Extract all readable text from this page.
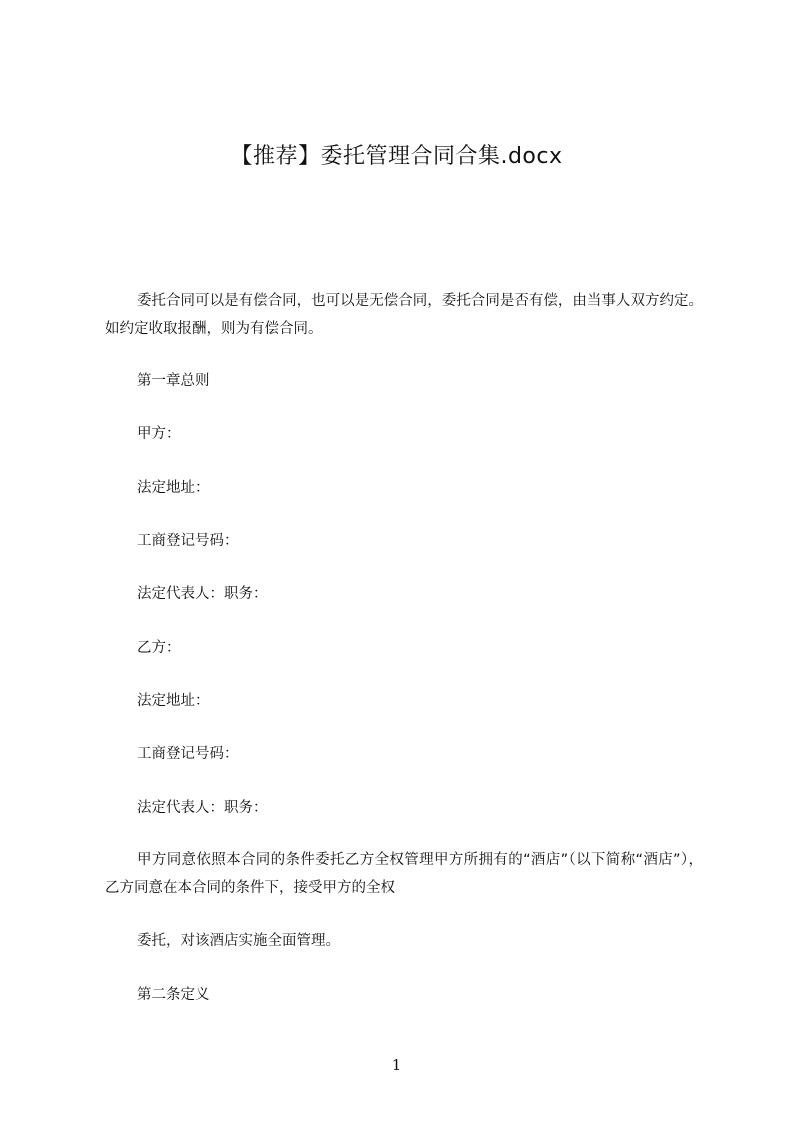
【推荐】委托管理合同合集.docx

委托合同可以是有偿合同，也可以是无偿合同，委托合同是否有偿，由当事人双方约定。如约定收取报酬，则为有偿合同。

第一章总则
甲方：
法定地址：
工商登记号码：
法定代表人：职务：
乙方：
法定地址：
工商登记号码：
法定代表人：职务：

甲方同意依照本合同的条件委托乙方全权管理甲方所拥有的“酒店”（以下简称“酒店”），乙方同意在本合同的条件下，接受甲方的全权

委托，对该酒店实施全面管理。
第二条定义
1
